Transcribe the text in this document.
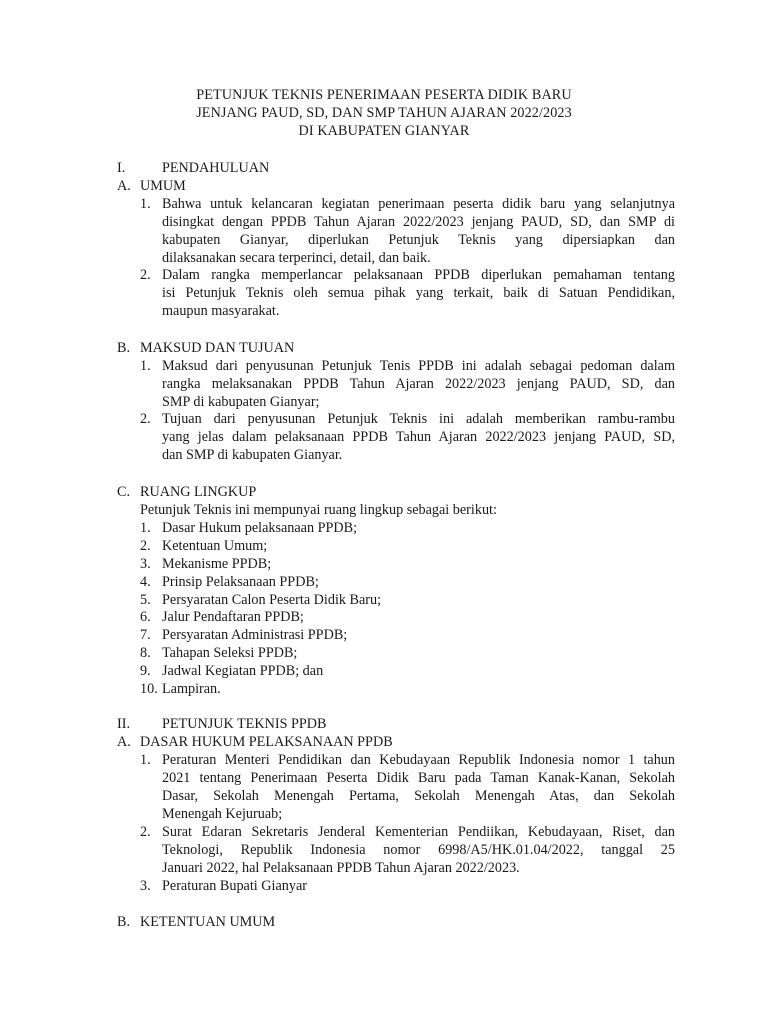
PETUNJUK TEKNIS PENERIMAAN PESERTA DIDIK BARU
JENJANG PAUD, SD, DAN SMP TAHUN AJARAN 2022/2023
DI KABUPATEN GIANYAR
I.	PENDAHULUAN
A. UMUM
1. Bahwa untuk kelancaran kegiatan penerimaan peserta didik baru yang selanjutnya
disingkat dengan PPDB Tahun Ajaran 2022/2023 jenjang PAUD, SD, dan SMP di
kabupaten Gianyar, diperlukan Petunjuk Teknis yang dipersiapkan dan
dilaksanakan secara terperinci, detail, dan baik.
2. Dalam rangka memperlancar pelaksanaan PPDB diperlukan pemahaman tentang
isi Petunjuk Teknis oleh semua pihak yang terkait, baik di Satuan Pendidikan,
maupun masyarakat.
B. MAKSUD DAN TUJUAN
1. Maksud dari penyusunan Petunjuk Tenis PPDB ini adalah sebagai pedoman dalam
rangka melaksanakan PPDB Tahun Ajaran 2022/2023 jenjang PAUD, SD, dan
SMP di kabupaten Gianyar;
2. Tujuan dari penyusunan Petunjuk Teknis ini adalah memberikan rambu-rambu
yang jelas dalam pelaksanaan PPDB Tahun Ajaran 2022/2023 jenjang PAUD, SD,
dan SMP di kabupaten Gianyar.
C. RUANG LINGKUP
Petunjuk Teknis ini mempunyai ruang lingkup sebagai berikut:
1. Dasar Hukum pelaksanaan PPDB;
2. Ketentuan Umum;
3. Mekanisme PPDB;
4. Prinsip Pelaksanaan PPDB;
5. Persyaratan Calon Peserta Didik Baru;
6. Jalur Pendaftaran PPDB;
7. Persyaratan Administrasi PPDB;
8. Tahapan Seleksi PPDB;
9. Jadwal Kegiatan PPDB; dan
10. Lampiran.
II. PETUNJUK TEKNIS PPDB
A. DASAR HUKUM PELAKSANAAN PPDB
1. Peraturan Menteri Pendidikan dan Kebudayaan Republik Indonesia nomor 1 tahun
2021 tentang Penerimaan Peserta Didik Baru pada Taman Kanak-Kanan, Sekolah
Dasar, Sekolah Menengah Pertama, Sekolah Menengah Atas, dan Sekolah
Menengah Kejuruab;
2. Surat Edaran Sekretaris Jenderal Kementerian Pendiikan, Kebudayaan, Riset, dan
Teknologi, Republik Indonesia nomor 6998/A5/HK.01.04/2022, tanggal 25
Januari 2022, hal Pelaksanaan PPDB Tahun Ajaran 2022/2023.
3. Peraturan Bupati Gianyar
B. KETENTUAN UMUM
